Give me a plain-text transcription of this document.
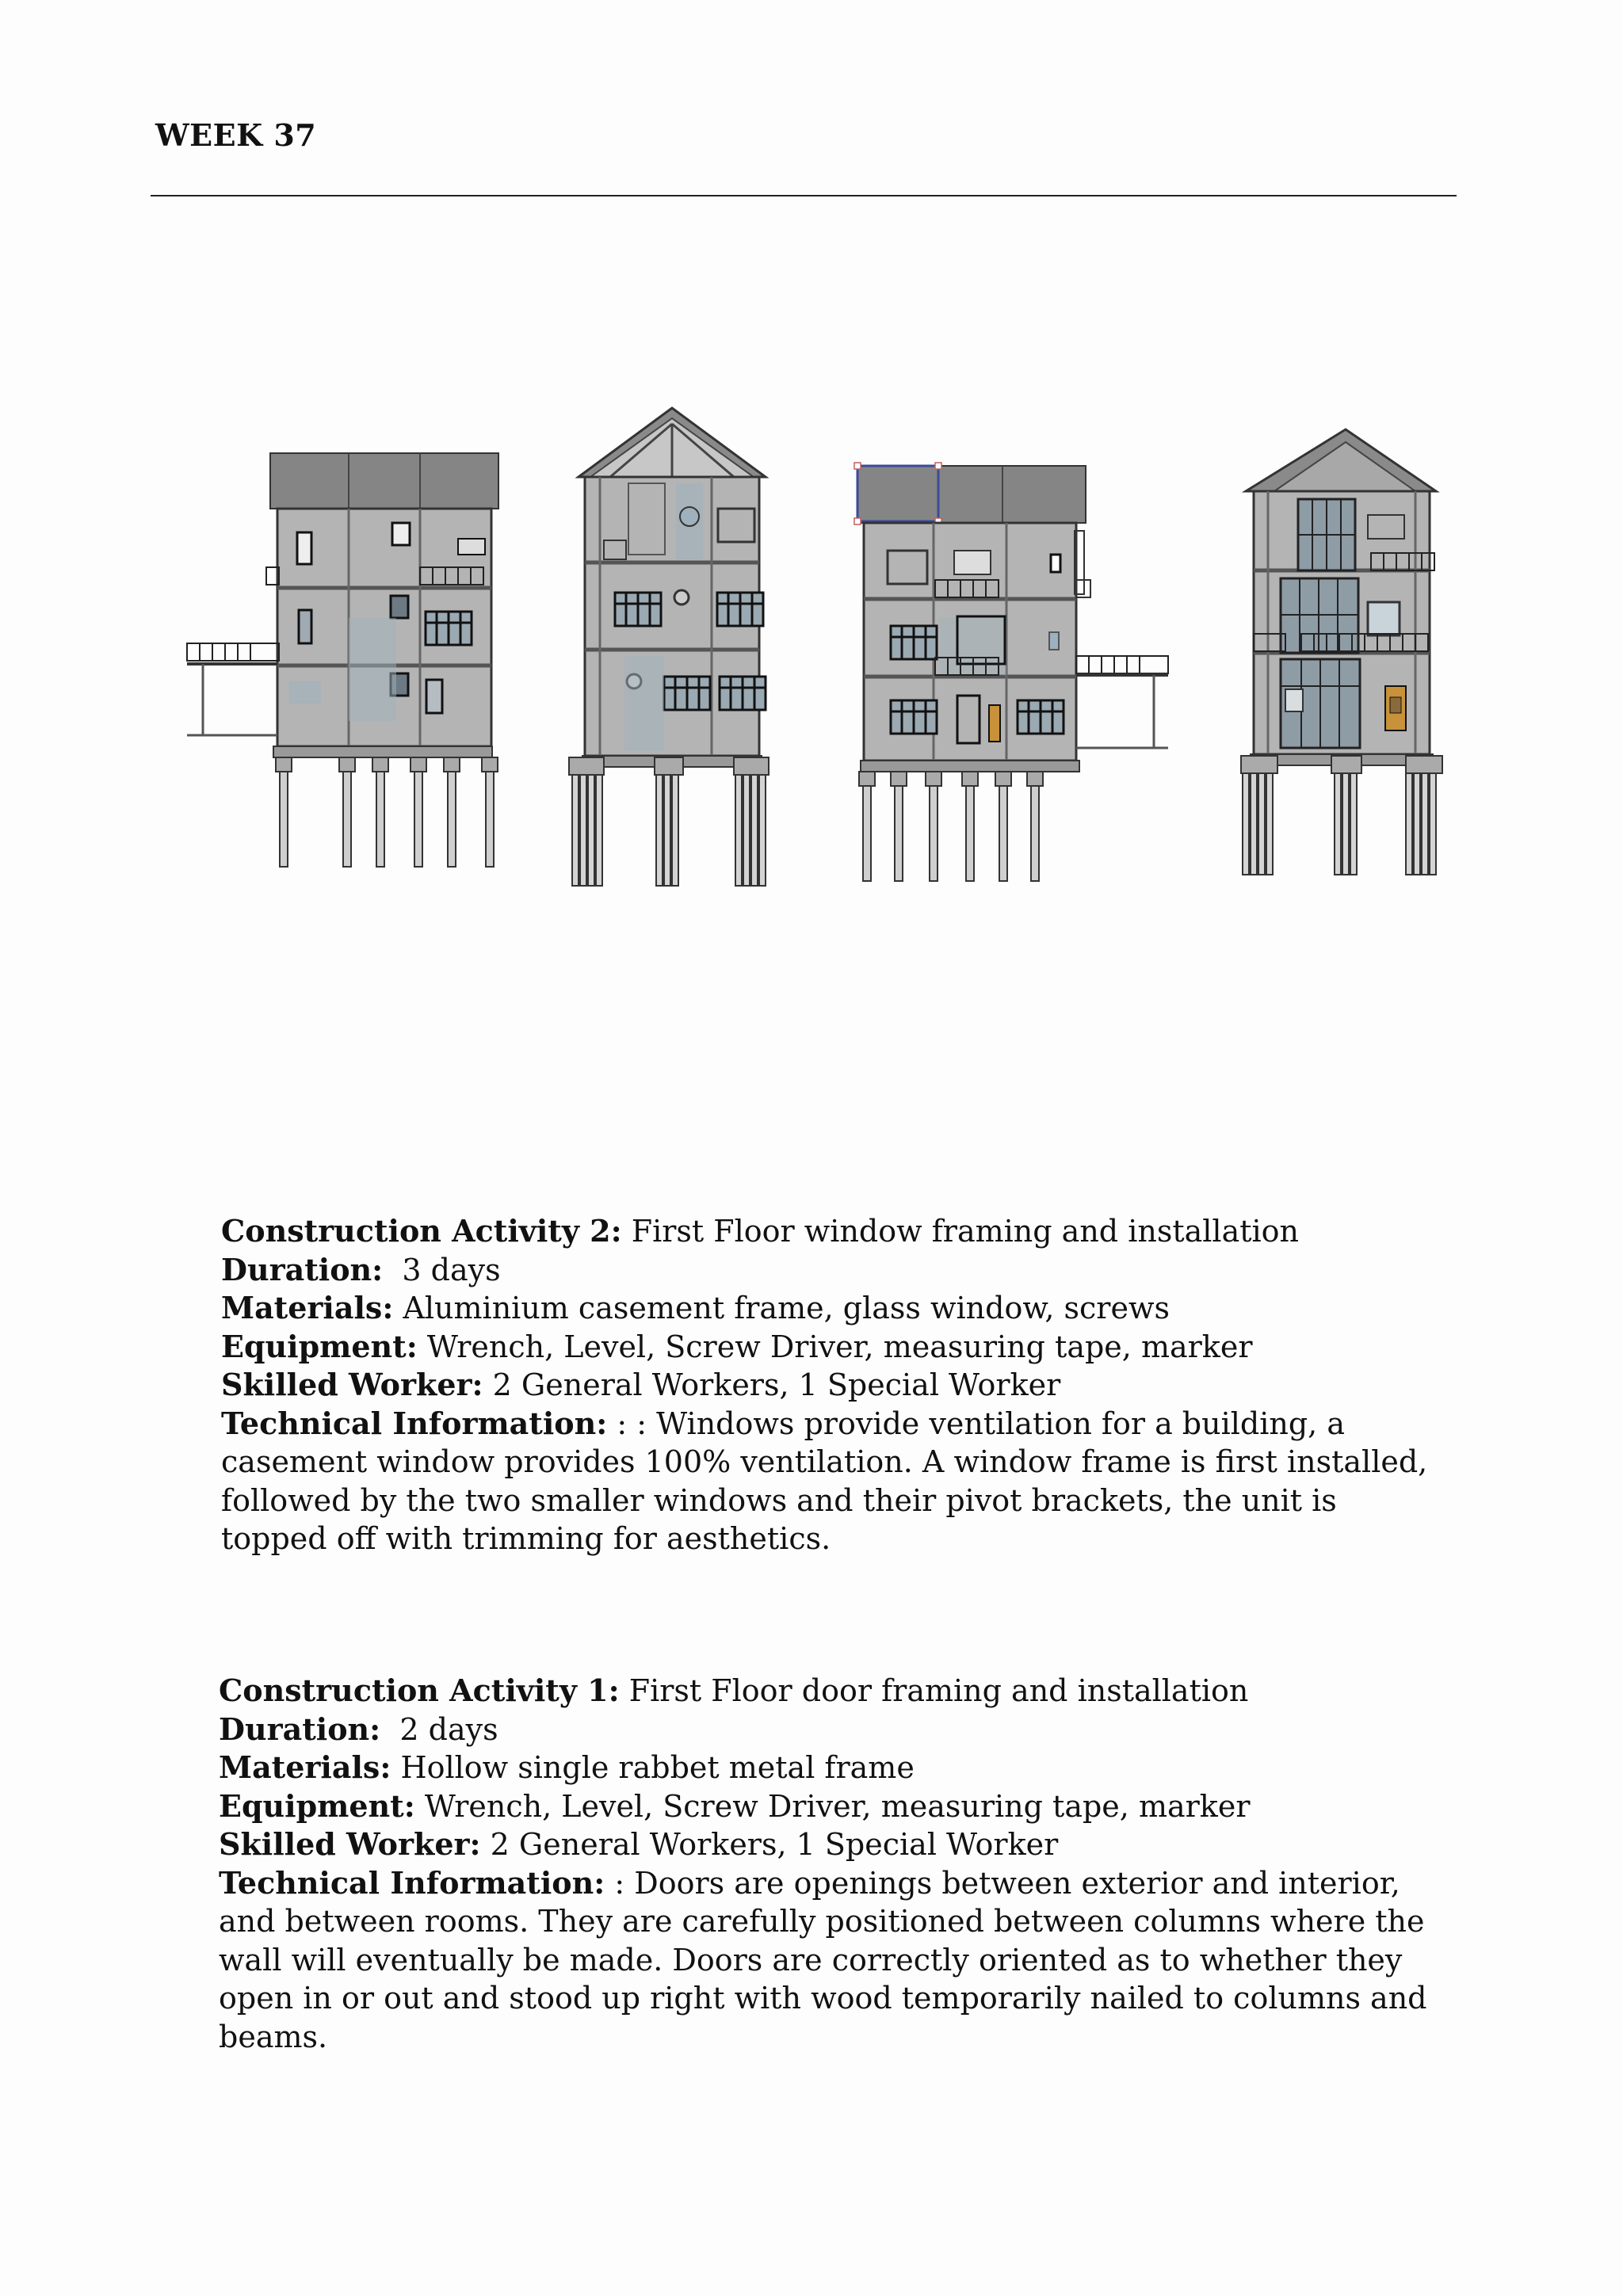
WEEK 37

Construction Activity 2: First Floor window framing and installation

Duration: 3 days

Materials: Aluminium casement frame, glass window, screws

Equipment: Wrench, Level, Screw Driver, measuring tape, marker

Skilled Worker: 2 General Workers, 1 Special Worker

Technical Information: : : Windows provide ventilation for a building, a casement window provides 100% ventilation. A window frame is first installed, followed by the two smaller windows and their pivot brackets, the unit is topped off with trimming for aesthetics.

Construction Activity 1: First Floor door framing and installation

Duration: 2 days

Materials: Hollow single rabbet metal frame

Equipment: Wrench, Level, Screw Driver, measuring tape, marker

Skilled Worker: 2 General Workers, 1 Special Worker

Technical Information: : Doors are openings between exterior and interior, and between rooms. They are carefully positioned between columns where the wall will eventually be made. Doors are correctly oriented as to whether they open in or out and stood up right with wood temporarily nailed to columns and beams.
